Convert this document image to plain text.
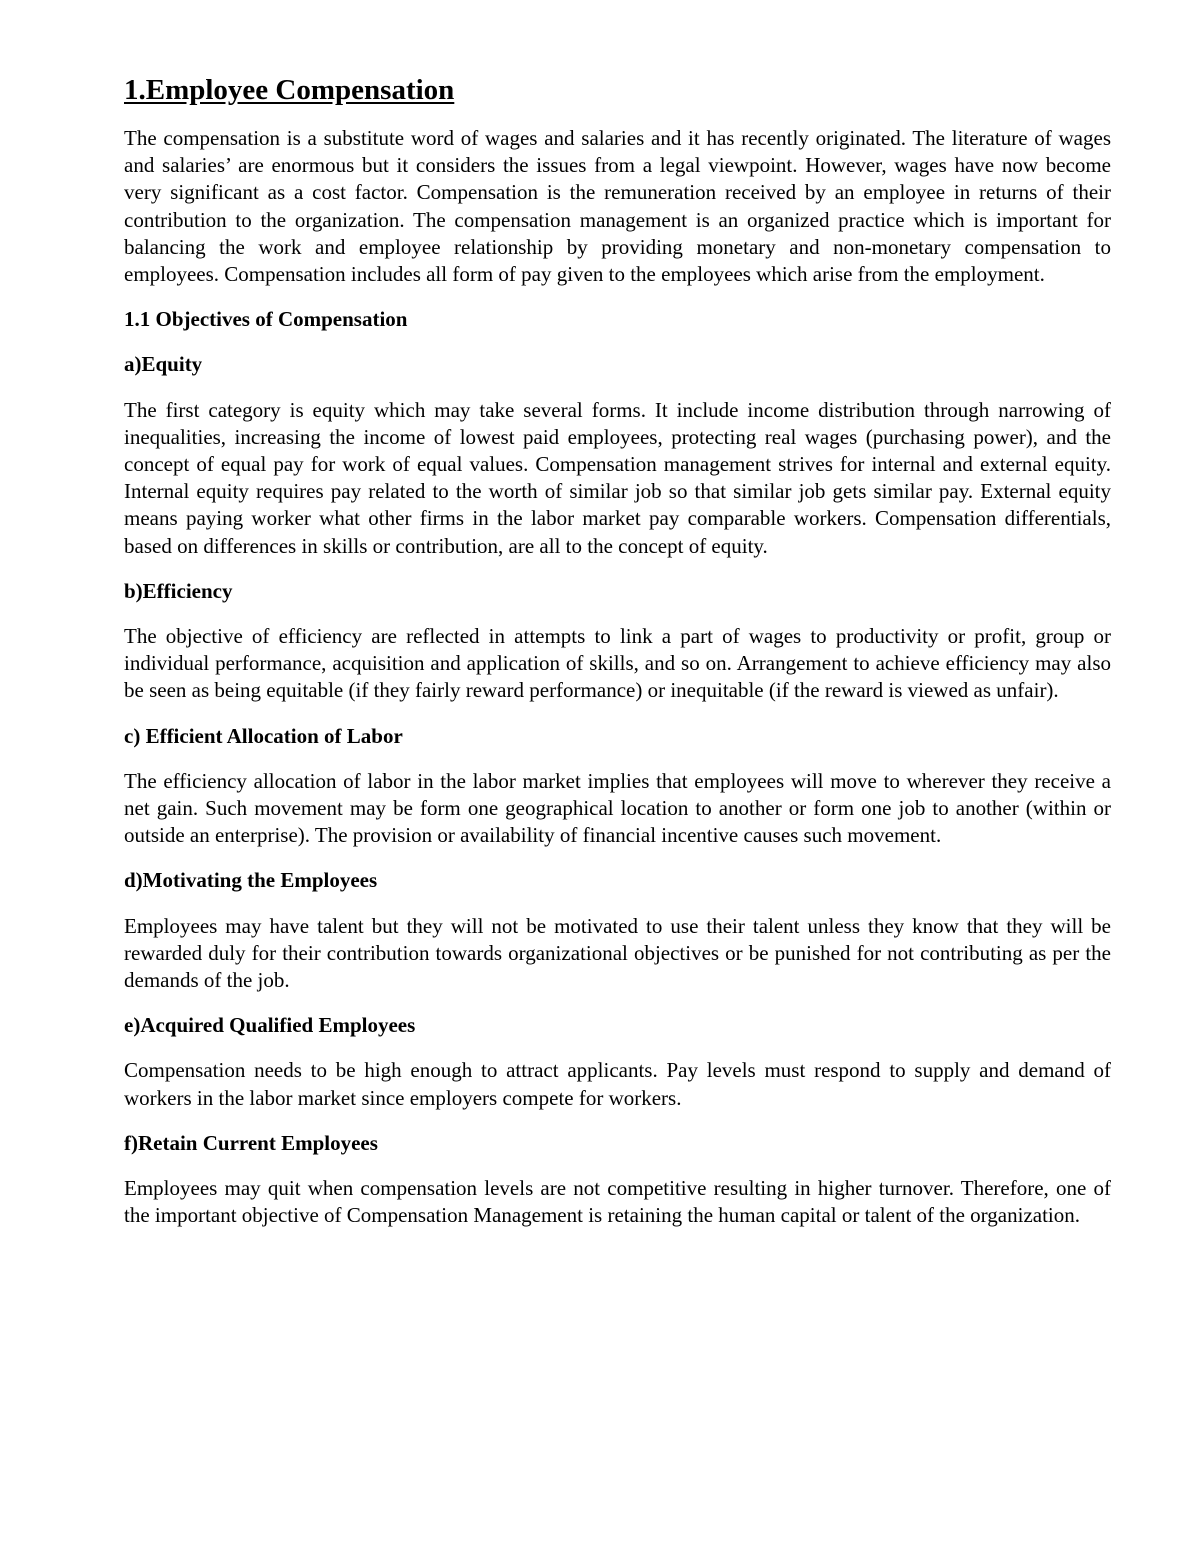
1.Employee Compensation

The compensation is a substitute word of wages and salaries and it has recently originated. The literature of wages and salaries’ are enormous but it considers the issues from a legal viewpoint. However, wages have now become very significant as a cost factor. Compensation is the remuneration received by an employee in returns of their contribution to the organization. The compensation management is an organized practice which is important for balancing the work and employee relationship by providing monetary and non-monetary compensation to employees. Compensation includes all form of pay given to the employees which arise from the employment.

1.1 Objectives of Compensation

a)Equity

The first category is equity which may take several forms. It include income distribution through narrowing of inequalities, increasing the income of lowest paid employees, protecting real wages (purchasing power), and the concept of equal pay for work of equal values. Compensation management strives for internal and external equity. Internal equity requires pay related to the worth of similar job so that similar job gets similar pay. External equity means paying worker what other firms in the labor market pay comparable workers. Compensation differentials, based on differences in skills or contribution, are all to the concept of equity.

b)Efficiency

The objective of efficiency are reflected in attempts to link a part of wages to productivity or profit, group or individual performance, acquisition and application of skills, and so on. Arrangement to achieve efficiency may also be seen as being equitable (if they fairly reward performance) or inequitable (if the reward is viewed as unfair).

c) Efficient Allocation of Labor

The efficiency allocation of labor in the labor market implies that employees will move to wherever they receive a net gain. Such movement may be form one geographical location to another or form one job to another (within or outside an enterprise). The provision or availability of financial incentive causes such movement.

d)Motivating the Employees

Employees may have talent but they will not be motivated to use their talent unless they know that they will be rewarded duly for their contribution towards organizational objectives or be punished for not contributing as per the demands of the job.

e)Acquired Qualified Employees

Compensation needs to be high enough to attract applicants. Pay levels must respond to supply and demand of workers in the labor market since employers compete for workers.

f)Retain Current Employees

Employees may quit when compensation levels are not competitive resulting in higher turnover. Therefore, one of the important objective of Compensation Management is retaining the human capital or talent of the organization.
